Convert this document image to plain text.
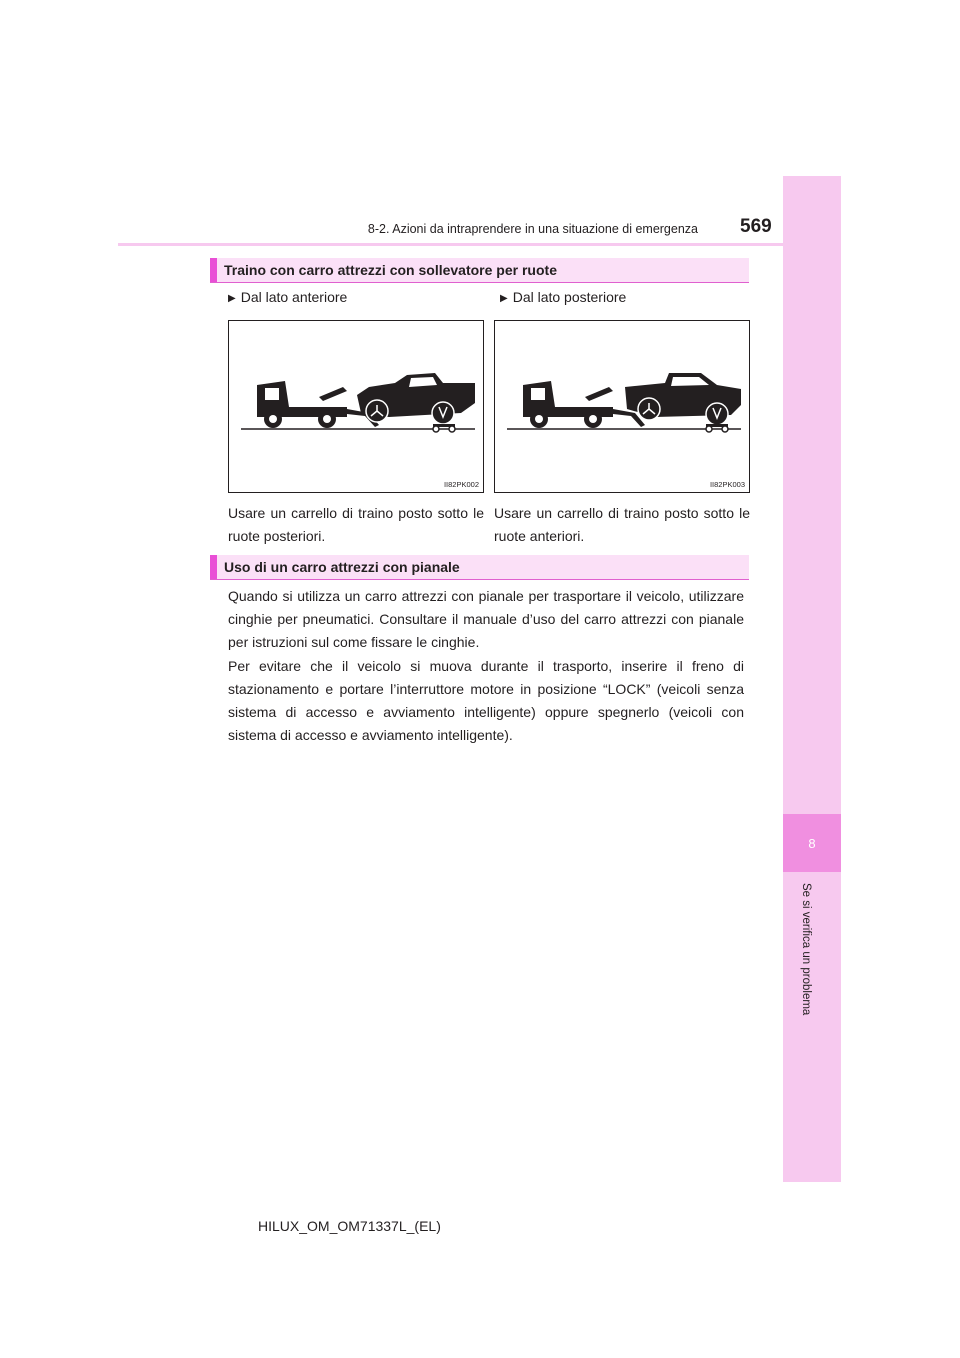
8
Se si verifica un problema
8-2. Azioni da intraprendere in una situazione di emergenza 569
Traino con carro attrezzi con sollevatore per ruote
▶ Dal lato anteriore	▶ Dal lato posteriore
II82PK002	II82PK003
Usare un carrello di traino posto sotto le ruote posteriori.
Usare un carrello di traino posto sotto le ruote anteriori.
Uso di un carro attrezzi con pianale

Quando si utilizza un carro attrezzi con pianale per trasportare il veicolo, utilizzare cinghie per pneumatici. Consultare il manuale d’uso del carro attrezzi con pianale per istruzioni sul come fissare le cinghie.

Per evitare che il veicolo si muova durante il trasporto, inserire il freno di stazionamento e portare l’interruttore motore in posizione “LOCK” (veicoli senza sistema di accesso e avviamento intelligente) oppure spegnerlo (veicoli con sistema di accesso e avviamento intelligente).

HILUX_OM_OM71337L_(EL)
